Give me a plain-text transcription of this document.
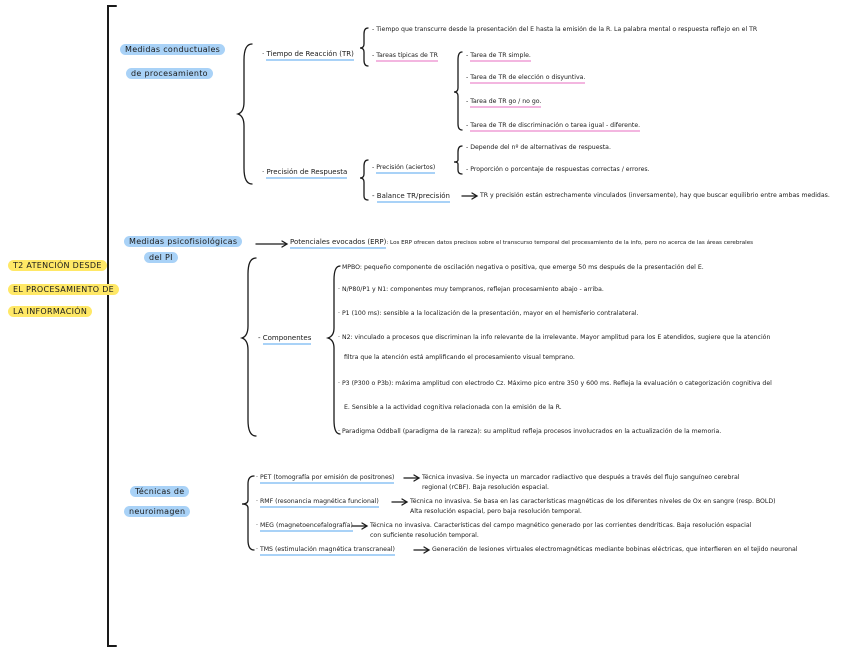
T2 ATENCIÓN DESDE
EL PROCESAMIENTO DE
LA INFORMACIÓN
Medidas conductuales
de procesamiento
· Tiempo de Reacción (TR)
- Tiempo que transcurre desde la presentación del E hasta la emisión de la R. La palabra mental o respuesta reflejo en el TR
- Tareas típicas de TR	- Tarea de TR simple.
- Tarea de TR de elección o disyuntiva.
- Tarea de TR go / no go.
- Tarea de TR de discriminación o tarea igual - diferente.
· Precisión de Respuesta
- Precisión (aciertos)
- Depende del nº de alternativas de respuesta.
- Proporción o porcentaje de respuestas correctas / errores.
- Balance TR/precisión	TR y precisión están estrechamente vinculados (inversamente), hay que buscar equilibrio entre ambas medidas.
Medidas psicofisiológicas
del PI
Potenciales evocados (ERP): Los ERP ofrecen datos precisos sobre el transcurso temporal del procesamiento de la info, pero no acerca de las áreas cerebrales
- Componentes
· MPBO: pequeño componente de oscilación negativa o positiva, que emerge 50 ms después de la presentación del E.
· N/P80/P1 y N1: componentes muy tempranos, reflejan procesamiento abajo - arriba.
· P1 (100 ms): sensible a la localización de la presentación, mayor en el hemisferio contralateral.
· N2: vinculado a procesos que discriminan la info relevante de la irrelevante. Mayor amplitud para los E atendidos, sugiere que la atención
filtra que la atención está amplificando el procesamiento visual temprano.
· P3 (P300 o P3b): máxima amplitud con electrodo Cz. Máximo pico entre 350 y 600 ms. Refleja la evaluación o categorización cognitiva del
E. Sensible a la actividad cognitiva relacionada con la emisión de la R.
· Paradigma Oddball (paradigma de la rareza): su amplitud refleja procesos involucrados en la actualización de la memoria.
Técnicas de
neuroimagen
· PET (tomografía por emisión de positrones)	Técnica invasiva. Se inyecta un marcador radiactivo que después a través del flujo sanguíneo cerebral
regional (rCBF). Baja resolución espacial.
· RMF (resonancia magnética funcional)	Técnica no invasiva. Se basa en las características magnéticas de los diferentes niveles de Ox en sangre (resp. BOLD)
Alta resolución espacial, pero baja resolución temporal.
· MEG (magnetoencefalografía)	Técnica no invasiva. Características del campo magnético generado por las corrientes dendríticas. Baja resolución espacial
con suficiente resolución temporal.
· TMS (estimulación magnética transcraneal)	Generación de lesiones virtuales electromagnéticas mediante bobinas eléctricas, que interfieren en el tejido neuronal
